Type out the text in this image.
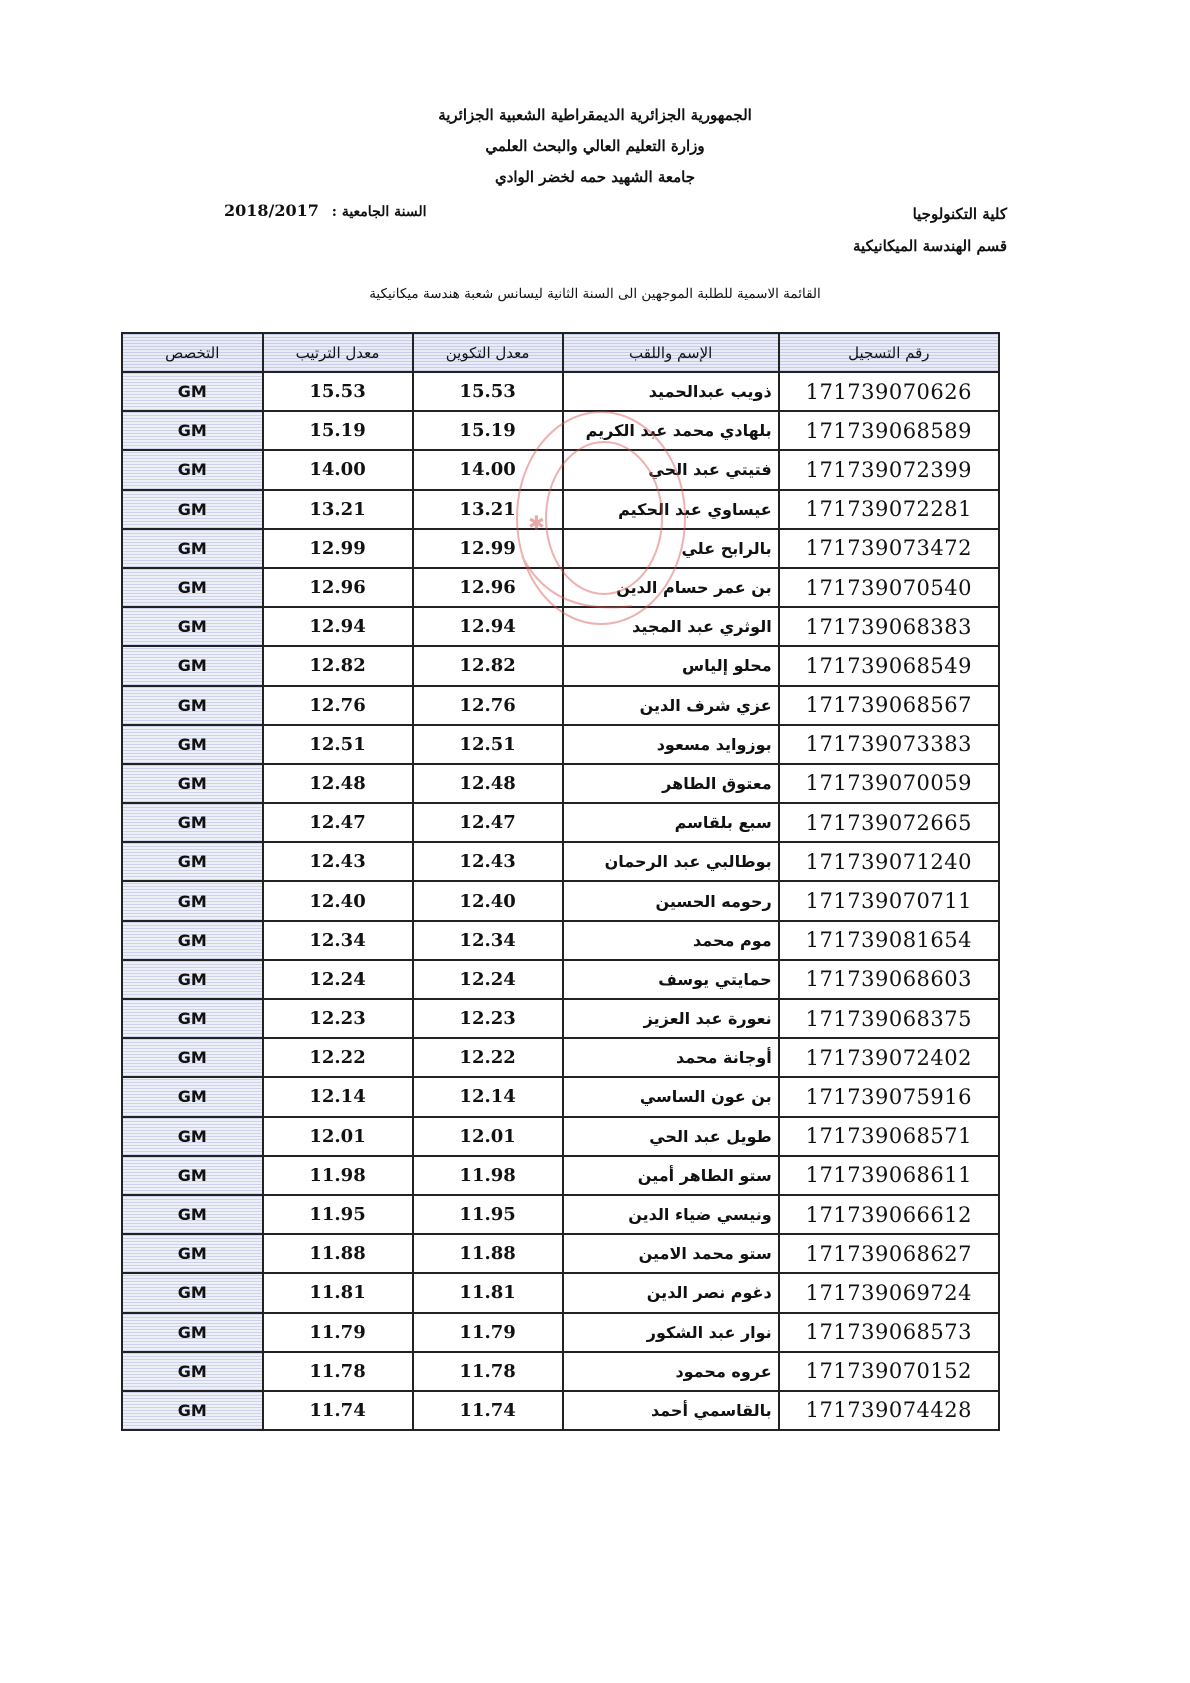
الجمهورية الجزائرية الديمقراطية الشعبية الجزائرية
وزارة التعليم العالي والبحث العلمي
جامعة الشهيد حمه لخضر الوادي
كلية التكنولوجيا
قسم الهندسة الميكانيكية
السنة الجامعية : 2018/2017
القائمة الاسمية للطلبة الموجهين الى السنة الثانية ليسانس شعبة هندسة ميكانيكية
رقم التسجيل	الإسم واللقب	معدل التكوين	معدل الترتيب	التخصص
171739070626	ذويب عبدالحميد	15.53	15.53	GM
171739068589	بلهادي محمد عبد الكريم	15.19	15.19	GM
171739072399	فتيتي عبد الحي	14.00	14.00	GM
171739072281	عيساوي عبد الحكيم	13.21	13.21	GM
171739073472	بالرابح علي	12.99	12.99	GM
171739070540	بن عمر حسام الدين	12.96	12.96	GM
171739068383	الوثري عبد المجيد	12.94	12.94	GM
171739068549	محلو إلياس	12.82	12.82	GM
171739068567	عزي شرف الدين	12.76	12.76	GM
171739073383	بوزوايد مسعود	12.51	12.51	GM
171739070059	معتوق الطاهر	12.48	12.48	GM
171739072665	سبع بلقاسم	12.47	12.47	GM
171739071240	بوطالبي عبد الرحمان	12.43	12.43	GM
171739070711	رحومه الحسين	12.40	12.40	GM
171739081654	موم محمد	12.34	12.34	GM
171739068603	حمايتي يوسف	12.24	12.24	GM
171739068375	نعورة عبد العزيز	12.23	12.23	GM
171739072402	أوجانة محمد	12.22	12.22	GM
171739075916	بن عون الساسي	12.14	12.14	GM
171739068571	طويل عبد الحي	12.01	12.01	GM
171739068611	ستو الطاهر أمين	11.98	11.98	GM
171739066612	ونيسي ضياء الدين	11.95	11.95	GM
171739068627	ستو محمد الامين	11.88	11.88	GM
171739069724	دغوم نصر الدين	11.81	11.81	GM
171739068573	نوار عبد الشكور	11.79	11.79	GM
171739070152	عروه محمود	11.78	11.78	GM
171739074428	بالقاسمي أحمد	11.74	11.74	GM
✱
